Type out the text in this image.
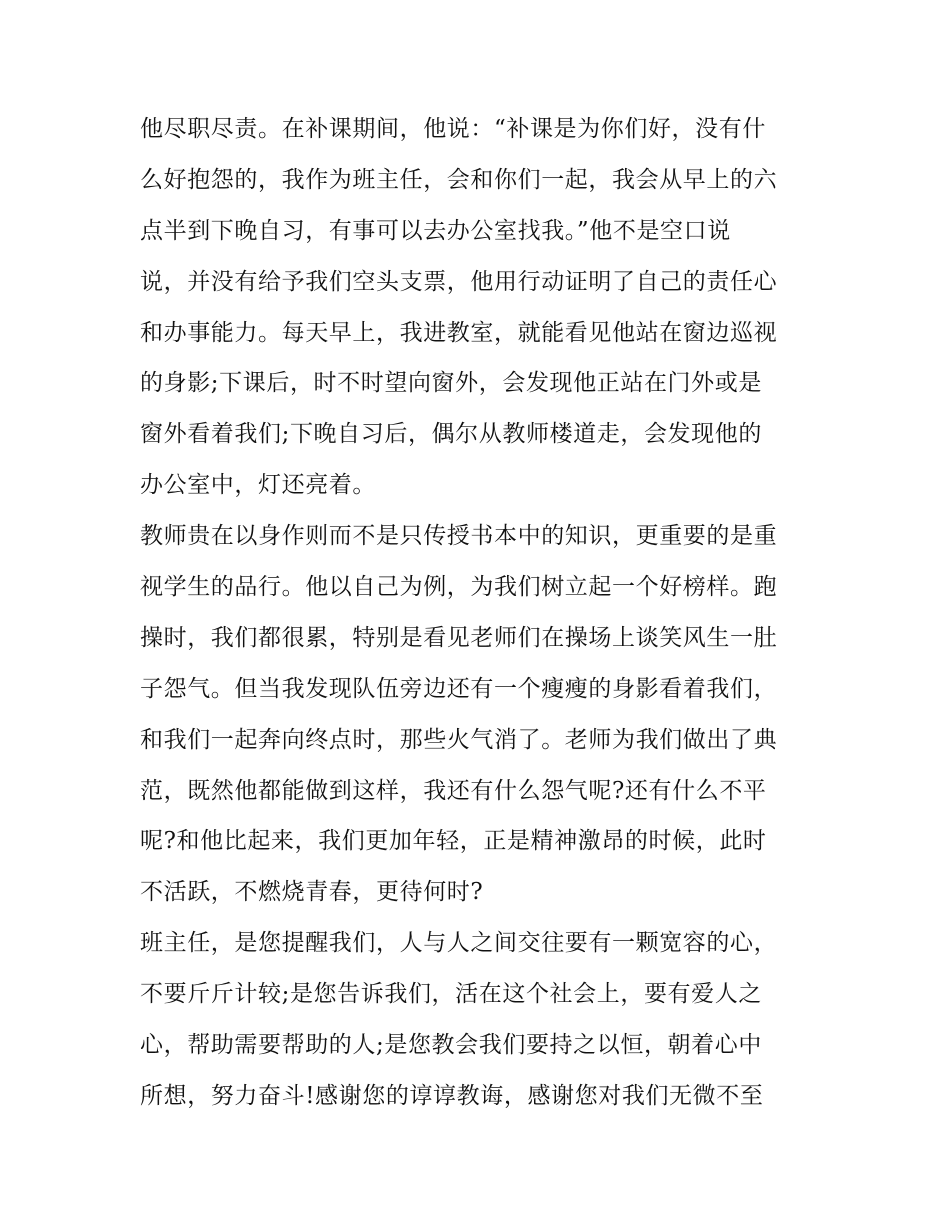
他尽职尽责。在补课期间，他说：“补课是为你们好，没有什
么好抱怨的，我作为班主任，会和你们一起，我会从早上的六
点半到下晚自习，有事可以去办公室找我。”他不是空口说
说，并没有给予我们空头支票，他用行动证明了自己的责任心
和办事能力。每天早上，我进教室，就能看见他站在窗边巡视
的身影;下课后，时不时望向窗外，会发现他正站在门外或是
窗外看着我们;下晚自习后，偶尔从教师楼道走，会发现他的
办公室中，灯还亮着。
教师贵在以身作则而不是只传授书本中的知识，更重要的是重
视学生的品行。他以自己为例，为我们树立起一个好榜样。跑
操时，我们都很累，特别是看见老师们在操场上谈笑风生一肚
子怨气。但当我发现队伍旁边还有一个瘦瘦的身影看着我们，
和我们一起奔向终点时，那些火气消了。老师为我们做出了典
范，既然他都能做到这样，我还有什么怨气呢?还有什么不平
呢?和他比起来，我们更加年轻，正是精神激昂的时候，此时
不活跃，不燃烧青春，更待何时?
班主任，是您提醒我们，人与人之间交往要有一颗宽容的心，
不要斤斤计较;是您告诉我们，活在这个社会上，要有爱人之
心，帮助需要帮助的人;是您教会我们要持之以恒，朝着心中
所想，努力奋斗!感谢您的谆谆教诲，感谢您对我们无微不至
